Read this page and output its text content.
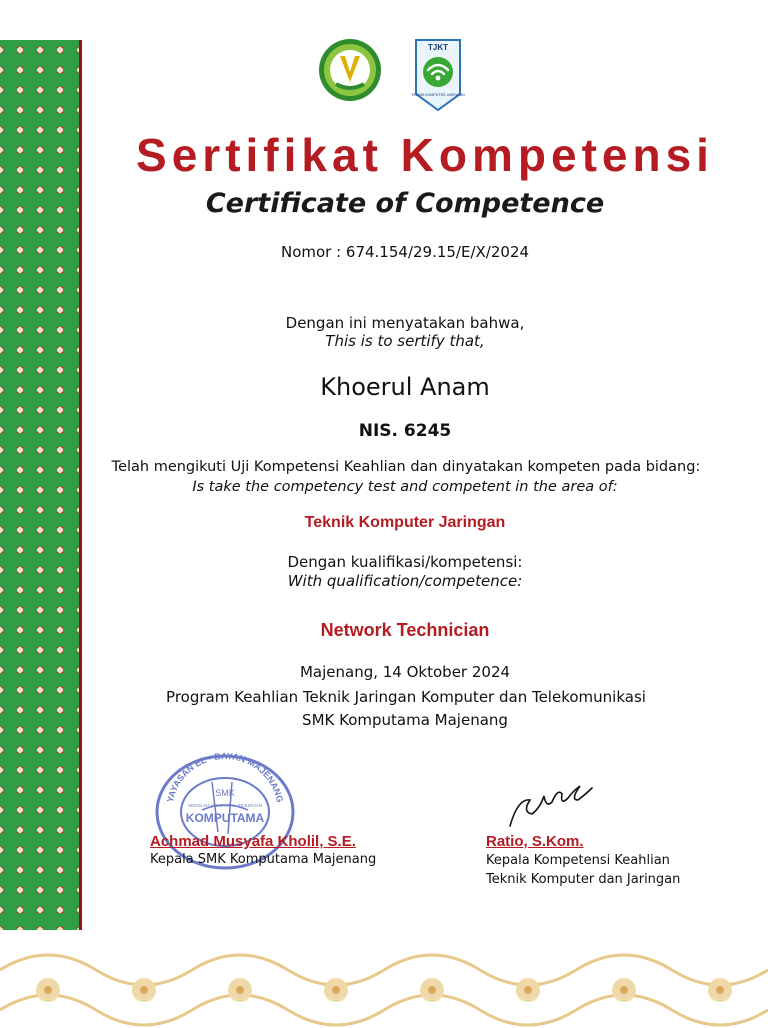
TJKT
TEKNIK KOMPUTER JARINGAN
Sertifikat Kompetensi
Certificate of Competence
Nomor : 674.154/29.15/E/X/2024
Dengan ini menyatakan bahwa,
This is to sertify that,
Khoerul Anam
NIS. 6245
Telah mengikuti Uji Kompetensi Keahlian dan dinyatakan kompeten pada bidang:
Is take the competency test and competent in the area of:
Teknik Komputer Jaringan
Dengan kualifikasi/kompetensi:
With qualification/competence:
Network Technician
Majenang, 14 Oktober 2024
Program Keahlian Teknik Jaringan Komputer dan Telekomunikasi
SMK Komputama Majenang
YAYASAN EL - BAYAN MAJENANG
SMK
SEKOLAH MENENGAH KEJURUAN
KOMPUTAMA
Achmad Musyafa Kholil, S.E.
Kepala SMK Komputama Majenang
Ratio, S.Kom.
Kepala Kompetensi Keahlian
Teknik Komputer dan Jaringan
